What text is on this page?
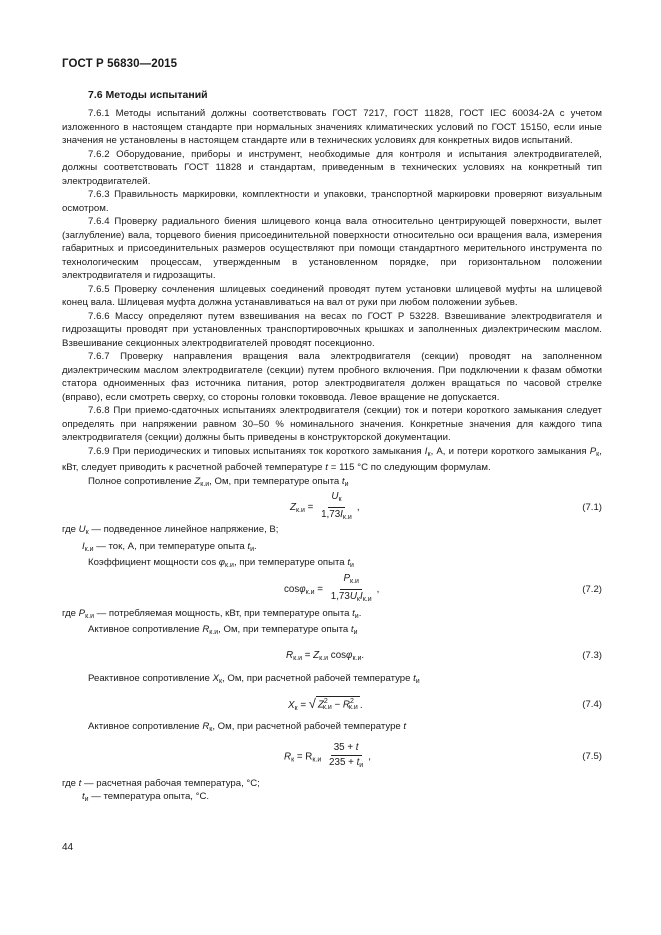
ГОСТ Р 56830—2015
7.6 Методы испытаний

7.6.1 Методы испытаний должны соответствовать ГОСТ 7217, ГОСТ 11828, ГОСТ IEC 60034-2A с учетом изложенного в настоящем стандарте при нормальных значениях климатических условий по ГОСТ 15150, если иные значения не установлены в настоящем стандарте или в технических условиях для конкретных видов испытаний.

7.6.2 Оборудование, приборы и инструмент, необходимые для контроля и испытания электродвигателей, должны соответствовать ГОСТ 11828 и стандартам, приведенным в технических условиях на конкретный тип электродвигателей.

7.6.3 Правильность маркировки, комплектности и упаковки, транспортной маркировки проверяют визуальным осмотром.

7.6.4 Проверку радиального биения шлицевого конца вала относительно центрирующей поверхности, вылет (заглубление) вала, торцевого биения присоединительной поверхности относительно оси вращения вала, измерения габаритных и присоединительных размеров осуществляют при помощи стандартного мерительного инструмента по технологическим процессам, утвержденным в установленном порядке, при горизонтальном положении электродвигателя и гидрозащиты.

7.6.5 Проверку сочленения шлицевых соединений проводят путем установки шлицевой муфты на шлицевой конец вала. Шлицевая муфта должна устанавливаться на вал от руки при любом положении зубьев.

7.6.6 Массу определяют путем взвешивания на весах по ГОСТ Р 53228. Взвешивание электродвигателя и гидрозащиты проводят при установленных транспортировочных крышках и заполненных диэлектрическим маслом. Взвешивание секционных электродвигателей проводят посекционно.

7.6.7 Проверку направления вращения вала электродвигателя (секции) проводят на заполненном диэлектрическим маслом электродвигателе (секции) путем пробного включения. При подключении к фазам обмотки статора одноименных фаз источника питания, ротор электродвигателя должен вращаться по часовой стрелке (вправо), если смотреть сверху, со стороны головки токоввода. Левое вращение не допускается.

7.6.8 При приемо-сдаточных испытаниях электродвигателя (секции) ток и потери короткого замыкания следует определять при напряжении равном 30–50 % номинального значения. Конкретные значения для каждого типа электродвигателя (секции) должны быть приведены в конструкторской документации.

7.6.9 При периодических и типовых испытаниях ток короткого замыкания $I_к$, А, и потери короткого замыкания $P_к$, кВт, следует приводить к расчетной рабочей температуре t = 115 °С по следующим формулам.

Полное сопротивление $Z_{к.и}$, Ом, при температуре опыта $t_и$
$Z_{к.и} = \frac{U_к}{1,73I_{к.и}}$ ,	(7.1)
где $U_к$ — подведенное линейное напряжение, В;
$I_{к.и}$ — ток, А, при температуре опыта $t_и$.
Коэффициент мощности $\cos \varphi_{к.и}$, при температуре опыта $t_и$
$\cos\varphi_{к.и} = \frac{P_{к.и}}{1,73U_кI_{к.и}}$ ,	(7.2)
где $P_{к.и}$ — потребляемая мощность, кВт, при температуре опыта $t_и$.
Активное сопротивление $R_{к.и}$, Ом, при температуре опыта $t_и$
$R_{к.и} = Z_{к.и}$ cosφ$_{к.и}$.	(7.3)
Реактивное сопротивление $X_к$, Ом, при расчетной рабочей температуре $t_и$
$X_к$ = √ $Z^2_{к.и} - R^2_{к.и}$ .	(7.4)
Активное сопротивление $R_к$, Ом, при расчетной рабочей температуре t
$R_к = R_{к.и} \frac{35 + t}{235 + t_и}$ ,	(7.5)
где t — расчетная рабочая температура, °С;
$t_и$ — температура опыта, °С.
44
